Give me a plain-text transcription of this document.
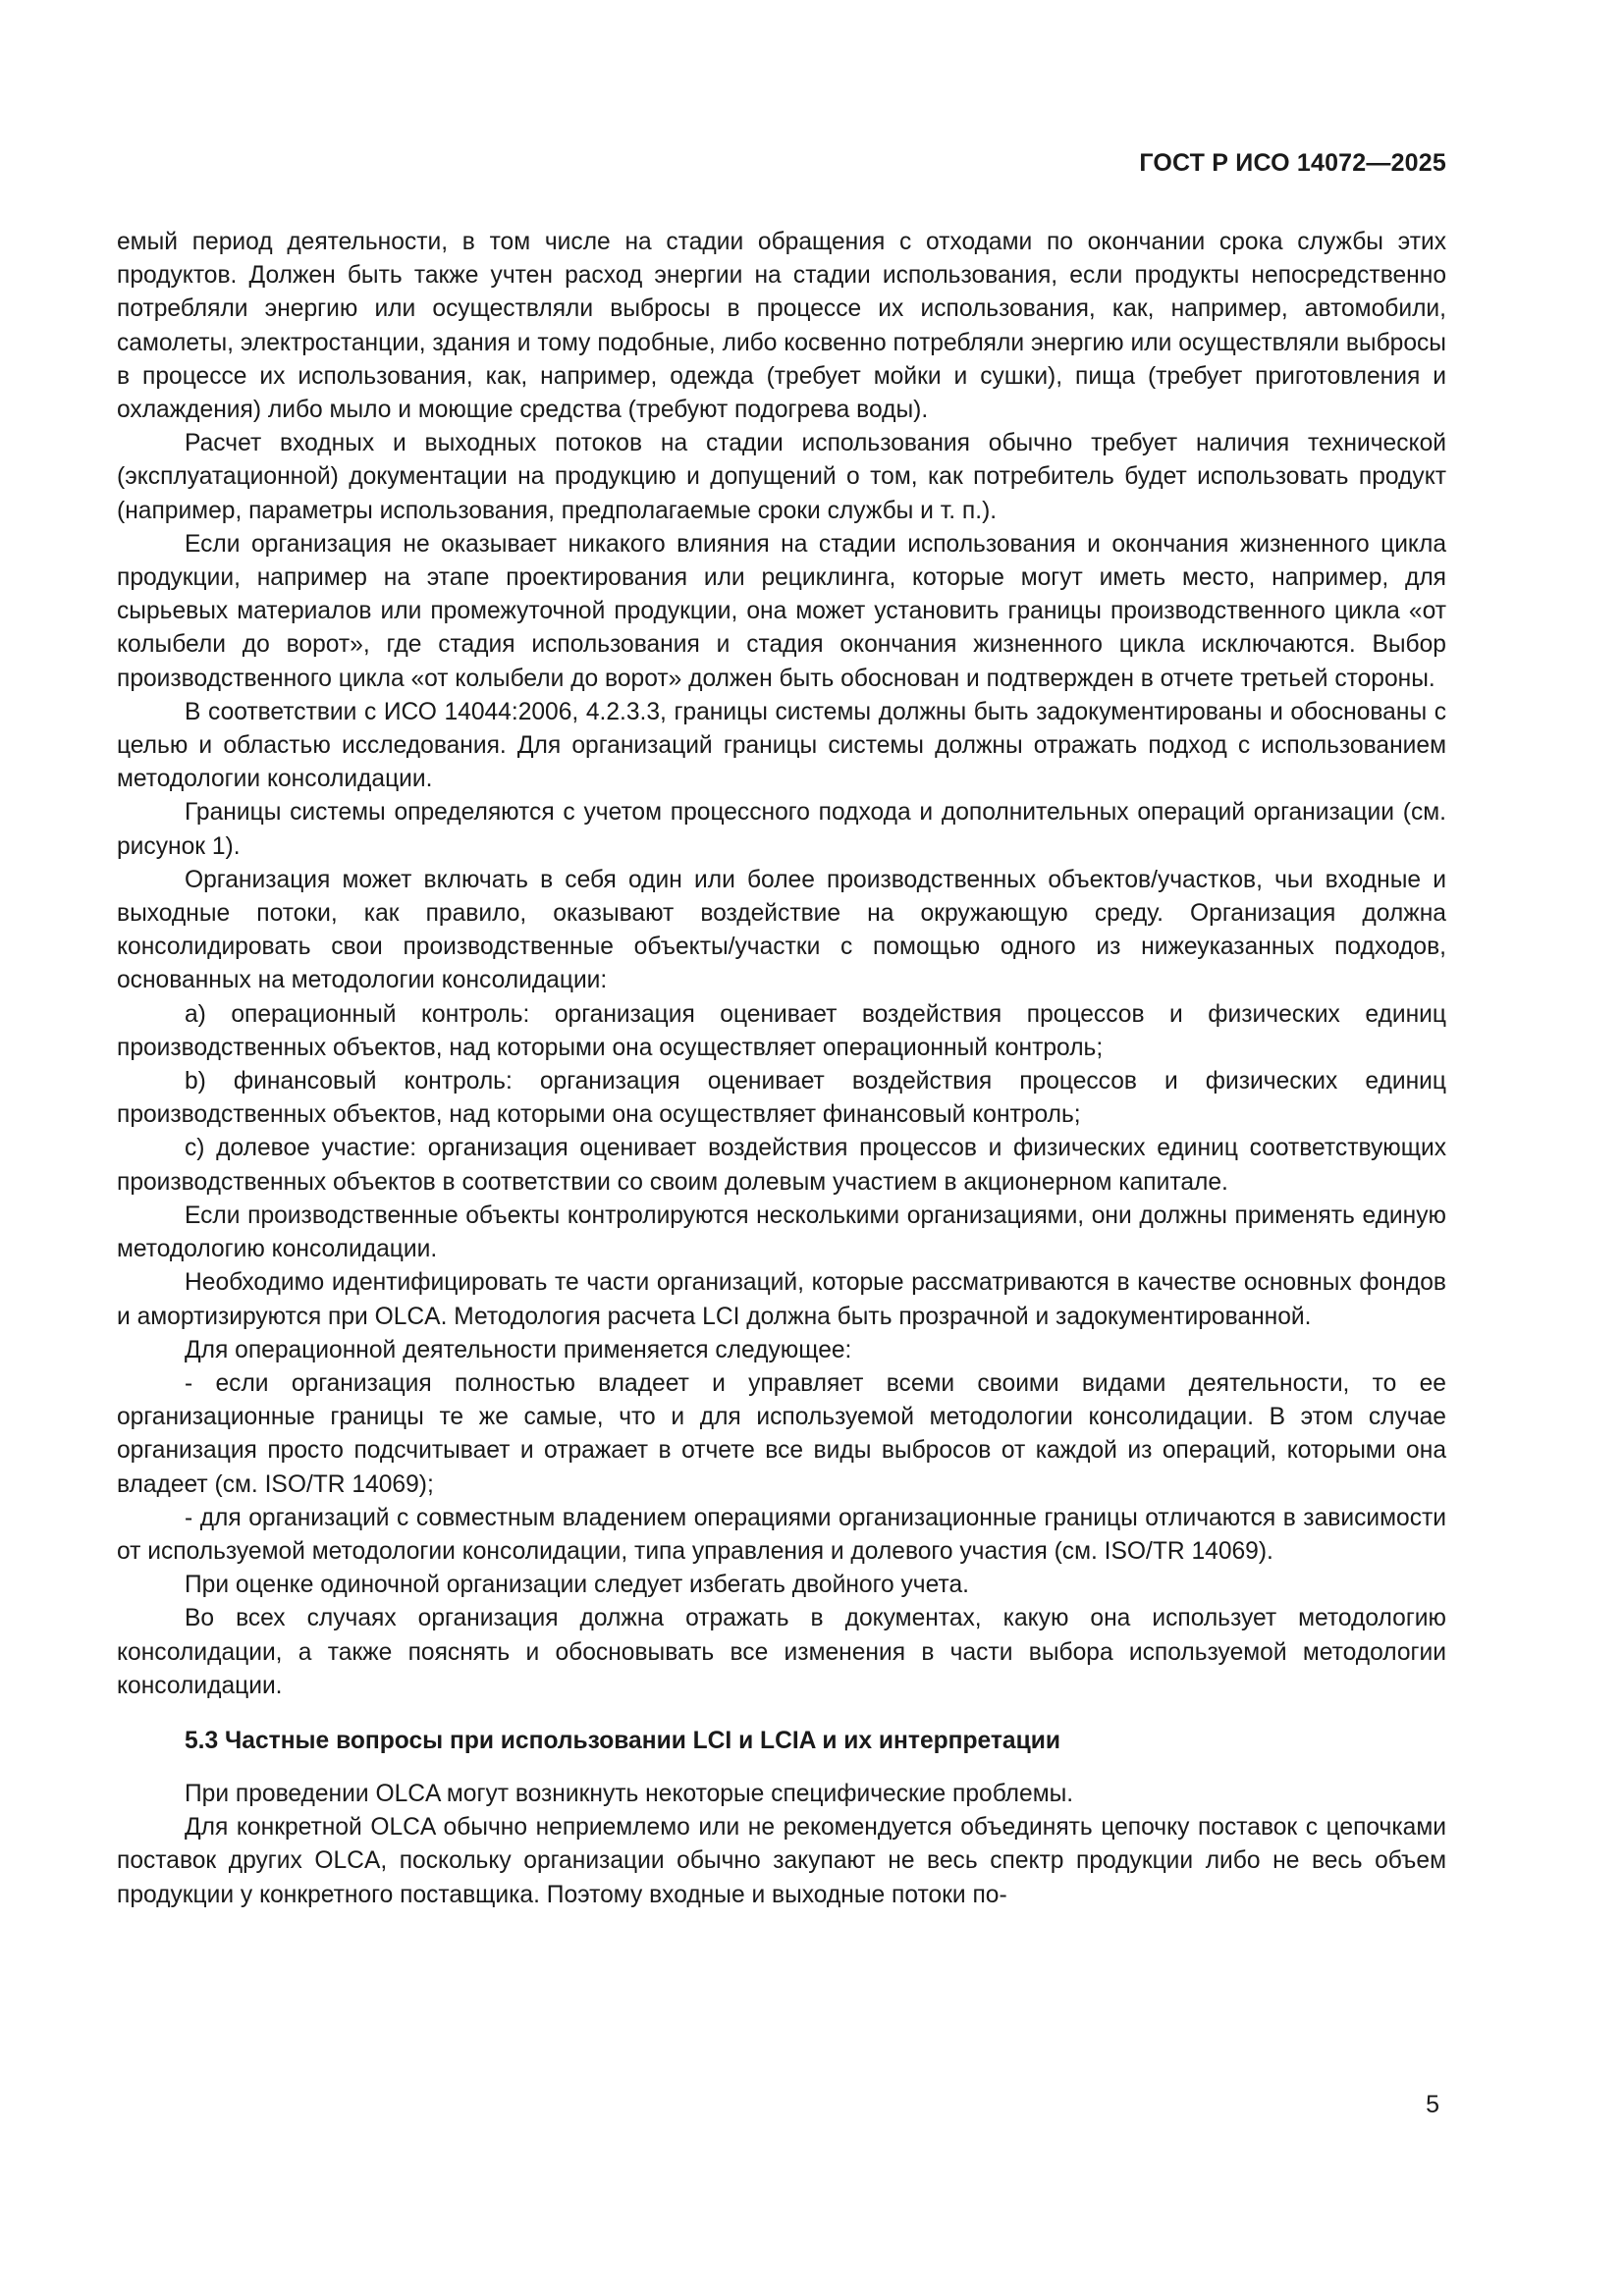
ГОСТ Р ИСО 14072—2025

емый период деятельности, в том числе на стадии обращения с отходами по окончании срока службы этих продуктов. Должен быть также учтен расход энергии на стадии использования, если продукты непосредственно потребляли энергию или осуществляли выбросы в процессе их использования, как, например, автомобили, самолеты, электростанции, здания и тому подобные, либо косвенно потребляли энергию или осуществляли выбросы в процессе их использования, как, например, одежда (требует мойки и сушки), пища (требует приготовления и охлаждения) либо мыло и моющие средства (требуют подогрева воды).

Расчет входных и выходных потоков на стадии использования обычно требует наличия технической (эксплуатационной) документации на продукцию и допущений о том, как потребитель будет использовать продукт (например, параметры использования, предполагаемые сроки службы и т. п.).

Если организация не оказывает никакого влияния на стадии использования и окончания жизненного цикла продукции, например на этапе проектирования или рециклинга, которые могут иметь место, например, для сырьевых материалов или промежуточной продукции, она может установить границы производственного цикла «от колыбели до ворот», где стадия использования и стадия окончания жизненного цикла исключаются. Выбор производственного цикла «от колыбели до ворот» должен быть обоснован и подтвержден в отчете третьей стороны.

В соответствии с ИСО 14044:2006, 4.2.3.3, границы системы должны быть задокументированы и обоснованы с целью и областью исследования. Для организаций границы системы должны отражать подход с использованием методологии консолидации.

Границы системы определяются с учетом процессного подхода и дополнительных операций организации (см. рисунок 1).

Организация может включать в себя один или более производственных объектов/участков, чьи входные и выходные потоки, как правило, оказывают воздействие на окружающую среду. Организация должна консолидировать свои производственные объекты/участки с помощью одного из нижеуказанных подходов, основанных на методологии консолидации:

a) операционный контроль: организация оценивает воздействия процессов и физических единиц производственных объектов, над которыми она осуществляет операционный контроль;

b) финансовый контроль: организация оценивает воздействия процессов и физических единиц производственных объектов, над которыми она осуществляет финансовый контроль;

c) долевое участие: организация оценивает воздействия процессов и физических единиц соответствующих производственных объектов в соответствии со своим долевым участием в акционерном капитале.

Если производственные объекты контролируются несколькими организациями, они должны применять единую методологию консолидации.

Необходимо идентифицировать те части организаций, которые рассматриваются в качестве основных фондов и амортизируются при OLCA. Методология расчета LCI должна быть прозрачной и задокументированной.

Для операционной деятельности применяется следующее:

- если организация полностью владеет и управляет всеми своими видами деятельности, то ее организационные границы те же самые, что и для используемой методологии консолидации. В этом случае организация просто подсчитывает и отражает в отчете все виды выбросов от каждой из операций, которыми она владеет (см. ISO/TR 14069);

- для организаций с совместным владением операциями организационные границы отличаются в зависимости от используемой методологии консолидации, типа управления и долевого участия (см. ISO/TR 14069).

При оценке одиночной организации следует избегать двойного учета.

Во всех случаях организация должна отражать в документах, какую она использует методологию консолидации, а также пояснять и обосновывать все изменения в части выбора используемой методологии консолидации.

5.3 Частные вопросы при использовании LCI и LCIA и их интерпретации

При проведении OLCA могут возникнуть некоторые специфические проблемы.

Для конкретной OLCA обычно неприемлемо или не рекомендуется объединять цепочку поставок с цепочками поставок других OLCA, поскольку организации обычно закупают не весь спектр продукции либо не весь объем продукции у конкретного поставщика. Поэтому входные и выходные потоки по-

5
